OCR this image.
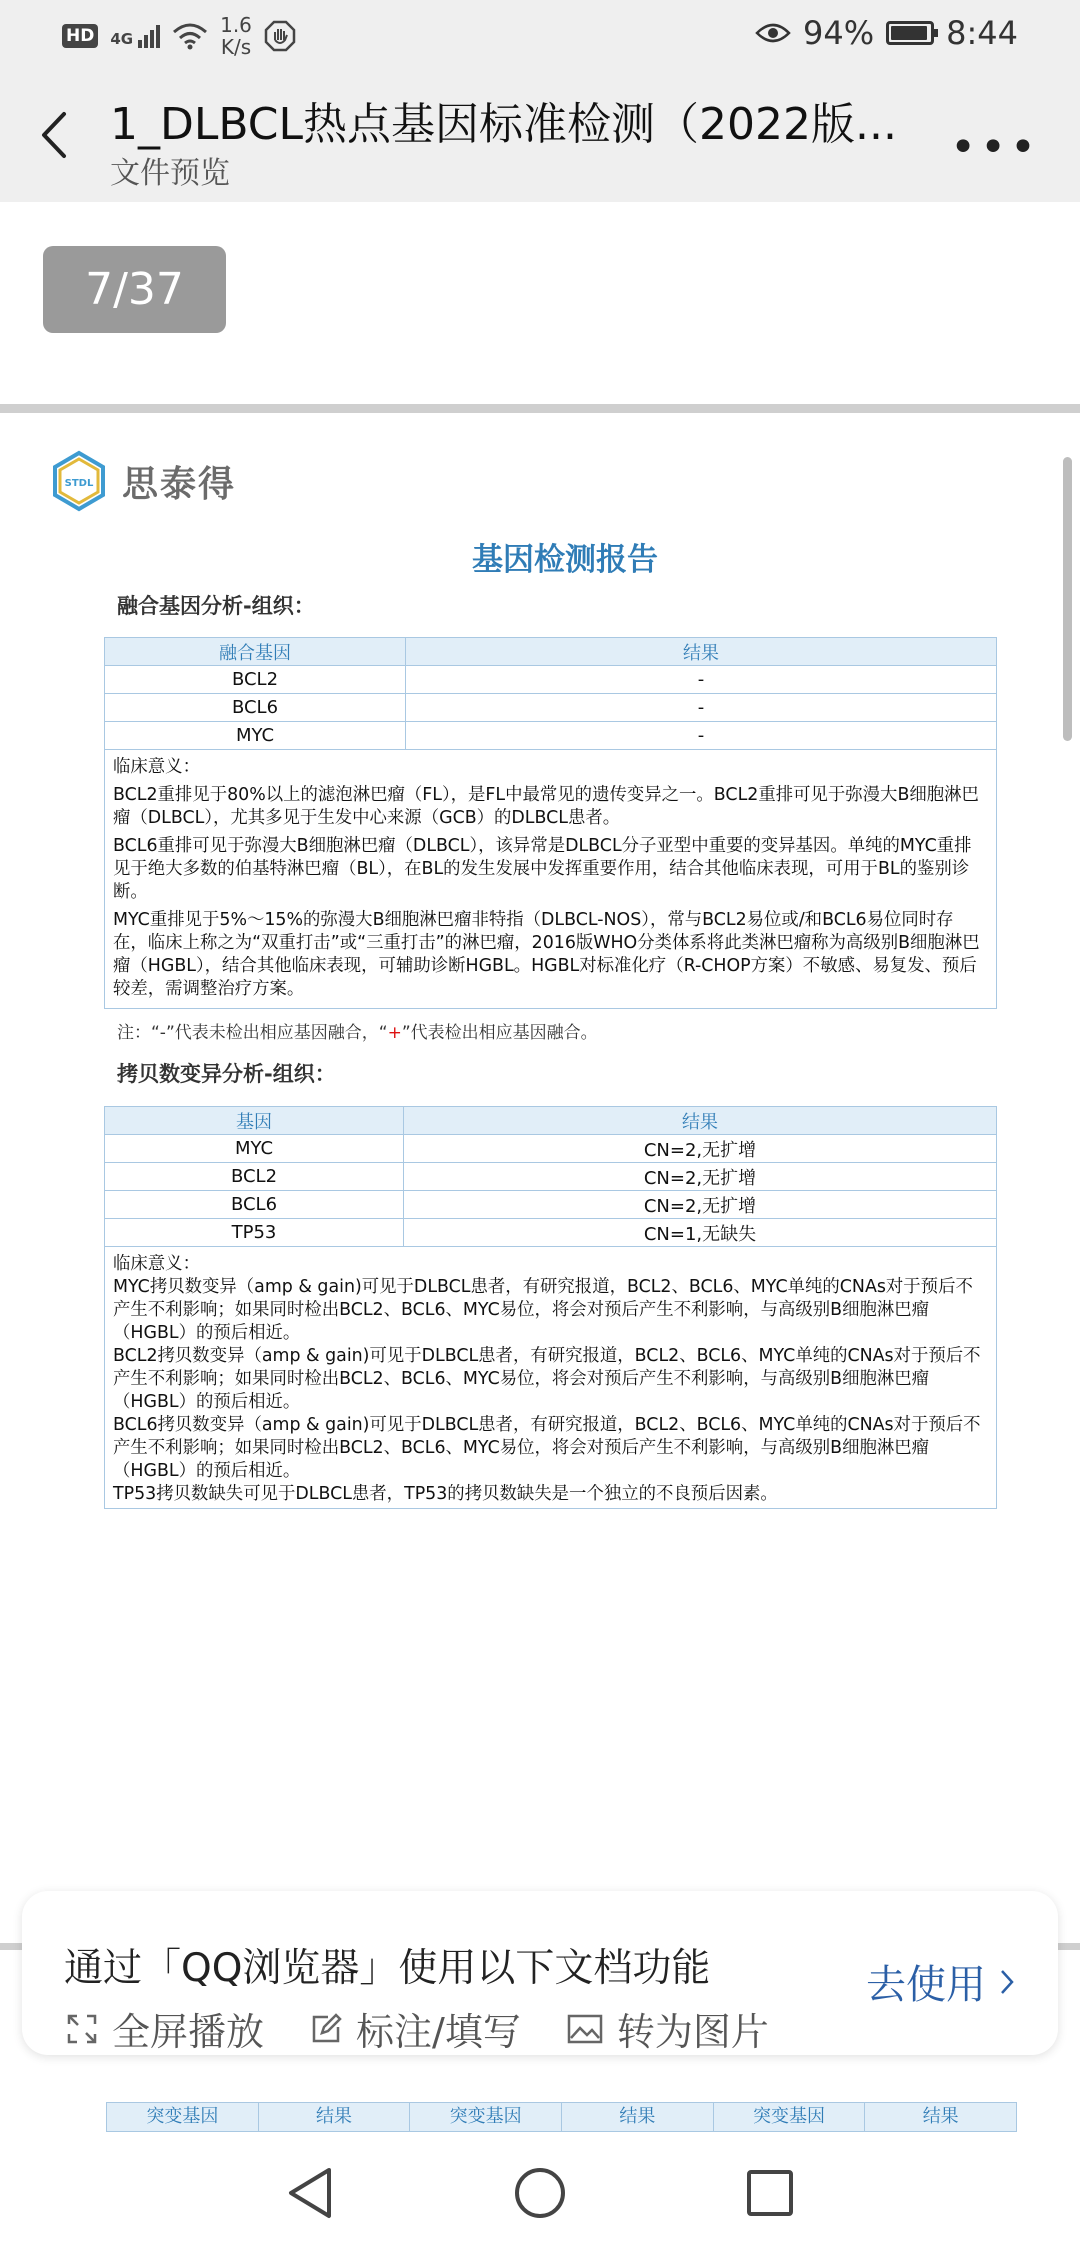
HD 4G
1.6
K/s	94% 8:44
1_DLBCL热点基因标准检测（2022版...
文件预览
•••
7/37
STDL 思泰得
基因检测报告
融合基因分析-组织：
融合基因	结果
BCL2	-
BCL6	-
MYC	-

临床意义：

BCL2重排见于80%以上的滤泡淋巴瘤（FL），是FL中最常见的遗传变异之一。BCL2重排可见于弥漫大B细胞淋巴瘤（DLBCL），尤其多见于生发中心来源（GCB）的DLBCL患者。

BCL6重排可见于弥漫大B细胞淋巴瘤（DLBCL），该异常是DLBCL分子亚型中重要的变异基因。单纯的MYC重排见于绝大多数的伯基特淋巴瘤（BL），在BL的发生发展中发挥重要作用，结合其他临床表现，可用于BL的鉴别诊断。

MYC重排见于5%～15%的弥漫大B细胞淋巴瘤非特指（DLBCL-NOS），常与BCL2易位或/和BCL6易位同时存在，临床上称之为“双重打击”或“三重打击”的淋巴瘤，2016版WHO分类体系将此类淋巴瘤称为高级别B细胞淋巴瘤（HGBL），结合其他临床表现，可辅助诊断HGBL。HGBL对标准化疗（R-CHOP方案）不敏感、易复发、预后较差，需调整治疗方案。	

注：“-”代表未检出相应基因融合，“+”代表检出相应基因融合。
拷贝数变异分析-组织：
基因	结果
MYC	CN=2,无扩增
BCL2	CN=2,无扩增
BCL6	CN=2,无扩增
TP53	CN=1,无缺失

临床意义：

MYC拷贝数变异（amp & gain)可见于DLBCL患者，有研究报道，BCL2、BCL6、MYC单纯的CNAs对于预后不产生不利影响；如果同时检出BCL2、BCL6、MYC易位，将会对预后产生不利影响，与高级别B细胞淋巴瘤（HGBL）的预后相近。

BCL2拷贝数变异（amp & gain)可见于DLBCL患者，有研究报道，BCL2、BCL6、MYC单纯的CNAs对于预后不产生不利影响；如果同时检出BCL2、BCL6、MYC易位，将会对预后产生不利影响，与高级别B细胞淋巴瘤（HGBL）的预后相近。

BCL6拷贝数变异（amp & gain)可见于DLBCL患者，有研究报道，BCL2、BCL6、MYC单纯的CNAs对于预后不产生不利影响；如果同时检出BCL2、BCL6、MYC易位，将会对预后产生不利影响，与高级别B细胞淋巴瘤（HGBL）的预后相近。

TP53拷贝数缺失可见于DLBCL患者，TP53的拷贝数缺失是一个独立的不良预后因素。	

突变基因	结果	突变基因	结果	突变基因	结果
通过「QQ浏览器」使用以下文档功能
全屏播放 标注/填写	转为图片
去使用
